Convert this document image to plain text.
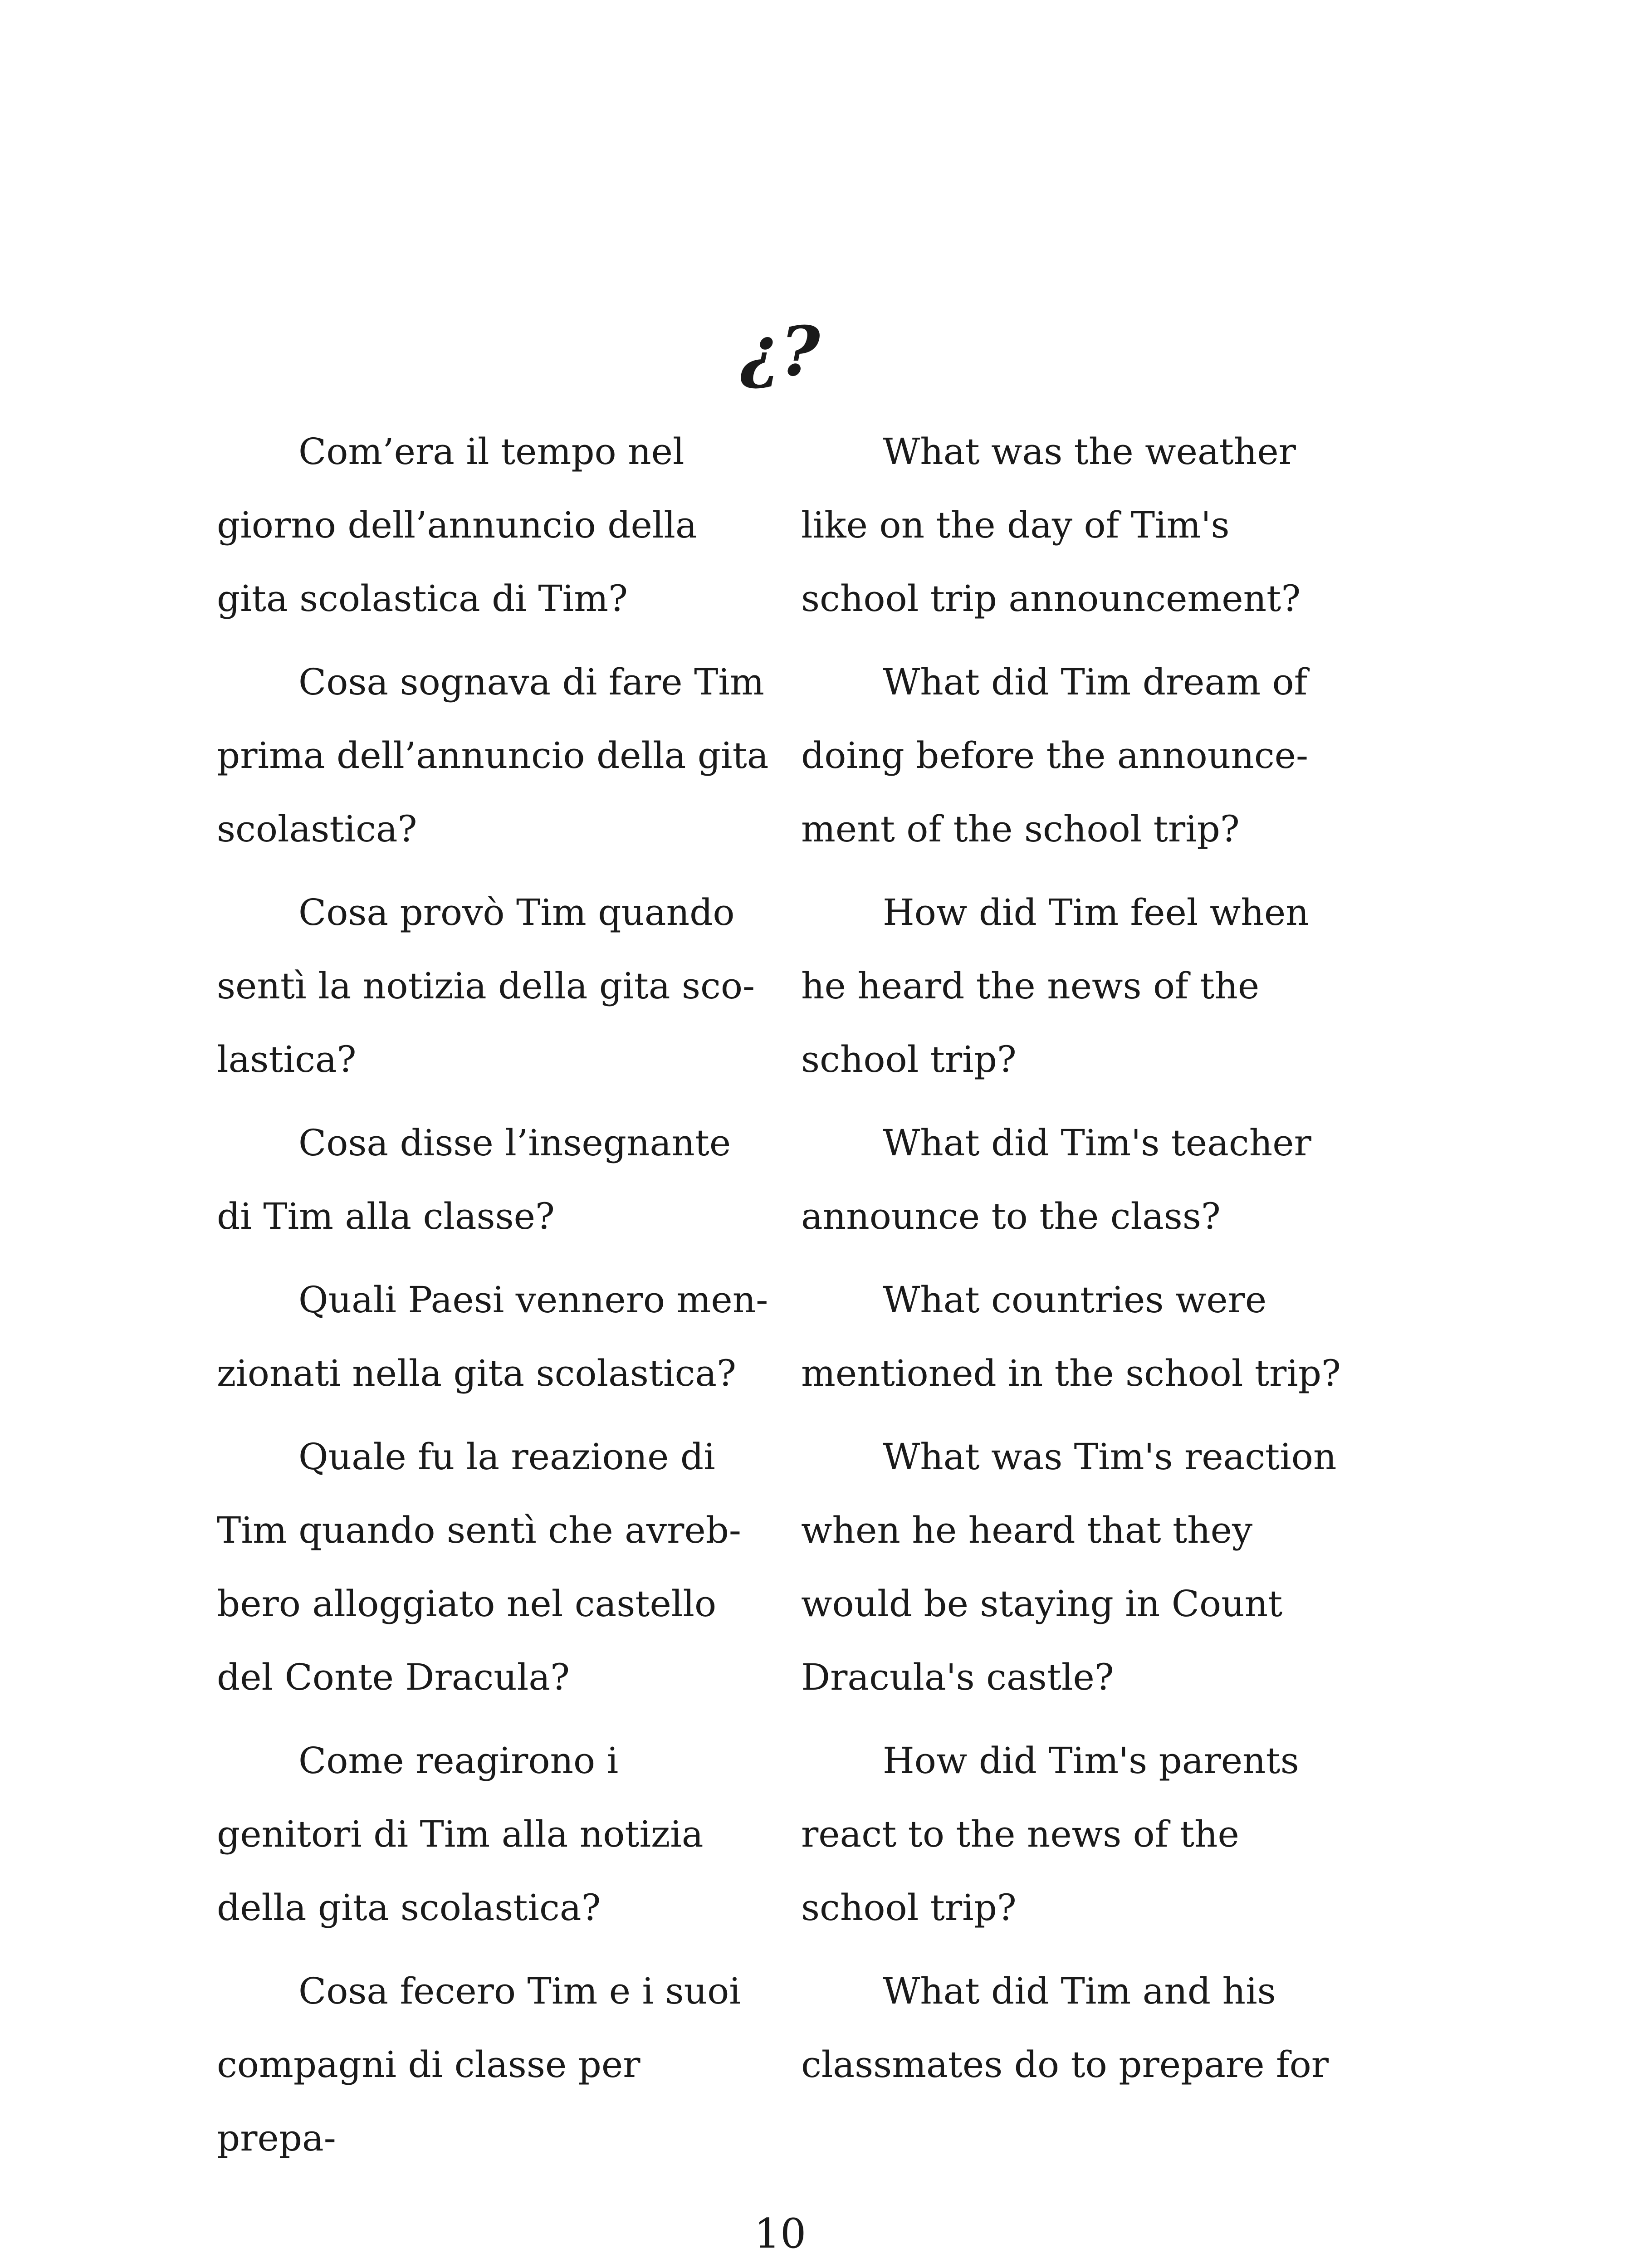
¿?

Com’era il tempo nel giorno dell’annuncio della gita scolastica di Tim?

Cosa sognava di fare Tim prima dell’annuncio della gita scolastica?

Cosa provò Tim quando sentì la notizia della gita sco-lastica?

Cosa disse l’insegnante di Tim alla classe?

Quali Paesi vennero men-zionati nella gita scolastica?

Quale fu la reazione di Tim quando sentì che avreb-bero alloggiato nel castello del Conte Dracula?

Come reagirono i genitori di Tim alla notizia della gita scolastica?

Cosa fecero Tim e i suoi compagni di classe per prepa-

What was the weather like on the day of Tim's school trip announcement?

What did Tim dream of doing before the announce-ment of the school trip?

How did Tim feel when he heard the news of the school trip?

What did Tim's teacher announce to the class?

What countries were mentioned in the school trip?

What was Tim's reaction when he heard that they would be staying in Count Dracula's castle?

How did Tim's parents react to the news of the school trip?

What did Tim and his classmates do to prepare for

10
